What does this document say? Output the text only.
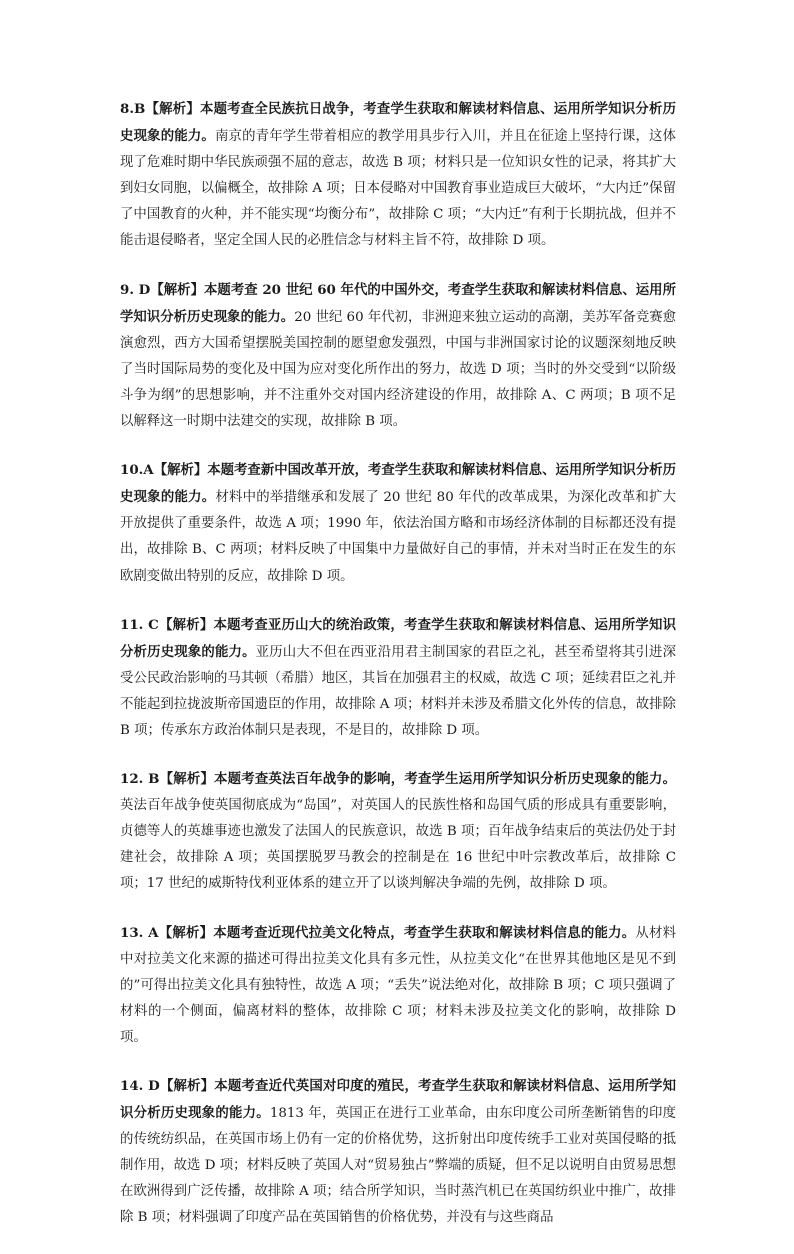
8.B【解析】本题考查全民族抗日战争，考查学生获取和解读材料信息、运用所学知识分析历史现象的能力。南京的青年学生带着相应的教学用具步行入川，并且在征途上坚持行课，这体现了危难时期中华民族顽强不屈的意志，故选 B 项；材料只是一位知识女性的记录，将其扩大到妇女同胞，以偏概全，故排除 A 项；日本侵略对中国教育事业造成巨大破坏，“大内迁”保留了中国教育的火种，并不能实现“均衡分布”，故排除 C 项；“大内迁”有利于长期抗战，但并不能击退侵略者，坚定全国人民的必胜信念与材料主旨不符，故排除 D 项。

9. D【解析】本题考查 20 世纪 60 年代的中国外交，考查学生获取和解读材料信息、运用所学知识分析历史现象的能力。20 世纪 60 年代初，非洲迎来独立运动的高潮，美苏军备竞赛愈演愈烈，西方大国希望摆脱美国控制的愿望愈发强烈，中国与非洲国家讨论的议题深刻地反映了当时国际局势的变化及中国为应对变化所作出的努力，故选 D 项；当时的外交受到“以阶级斗争为纲”的思想影响，并不注重外交对国内经济建设的作用，故排除 A、C 两项；B 项不足以解释这一时期中法建交的实现，故排除 B 项。

10.A【解析】本题考查新中国改革开放，考查学生获取和解读材料信息、运用所学知识分析历史现象的能力。材料中的举措继承和发展了 20 世纪 80 年代的改革成果，为深化改革和扩大开放提供了重要条件，故选 A 项；1990 年，依法治国方略和市场经济体制的目标都还没有提出，故排除 B、C 两项；材料反映了中国集中力量做好自己的事情，并未对当时正在发生的东欧剧变做出特别的反应，故排除 D 项。

11. C【解析】本题考查亚历山大的统治政策，考查学生获取和解读材料信息、运用所学知识分析历史现象的能力。亚历山大不但在西亚沿用君主制国家的君臣之礼，甚至希望将其引进深受公民政治影响的马其顿（希腊）地区，其旨在加强君主的权威，故选 C 项；延续君臣之礼并不能起到拉拢波斯帝国遗臣的作用，故排除 A 项；材料并未涉及希腊文化外传的信息，故排除 B 项；传承东方政治体制只是表现，不是目的，故排除 D 项。

12. B【解析】本题考查英法百年战争的影响，考查学生运用所学知识分析历史现象的能力。英法百年战争使英国彻底成为“岛国”，对英国人的民族性格和岛国气质的形成具有重要影响，贞德等人的英雄事迹也激发了法国人的民族意识，故选 B 项；百年战争结束后的英法仍处于封建社会，故排除 A 项；英国摆脱罗马教会的控制是在 16 世纪中叶宗教改革后，故排除 C 项；17 世纪的威斯特伐利亚体系的建立开了以谈判解决争端的先例，故排除 D 项。

13. A【解析】本题考查近现代拉美文化特点，考查学生获取和解读材料信息的能力。从材料中对拉美文化来源的描述可得出拉美文化具有多元性，从拉美文化“在世界其他地区是见不到的”可得出拉美文化具有独特性，故选 A 项；“丢失”说法绝对化，故排除 B 项；C 项只强调了材料的一个侧面，偏离材料的整体，故排除 C 项；材料未涉及拉美文化的影响，故排除 D 项。

14. D【解析】本题考查近代英国对印度的殖民，考查学生获取和解读材料信息、运用所学知识分析历史现象的能力。1813 年，英国正在进行工业革命，由东印度公司所垄断销售的印度的传统纺织品，在英国市场上仍有一定的价格优势，这折射出印度传统手工业对英国侵略的抵制作用，故选 D 项；材料反映了英国人对“贸易独占”弊端的质疑，但不足以说明自由贸易思想在欧洲得到广泛传播，故排除 A 项；结合所学知识，当时蒸汽机已在英国纺织业中推广，故排除 B 项；材料强调了印度产品在英国销售的价格优势，并没有与这些商品
